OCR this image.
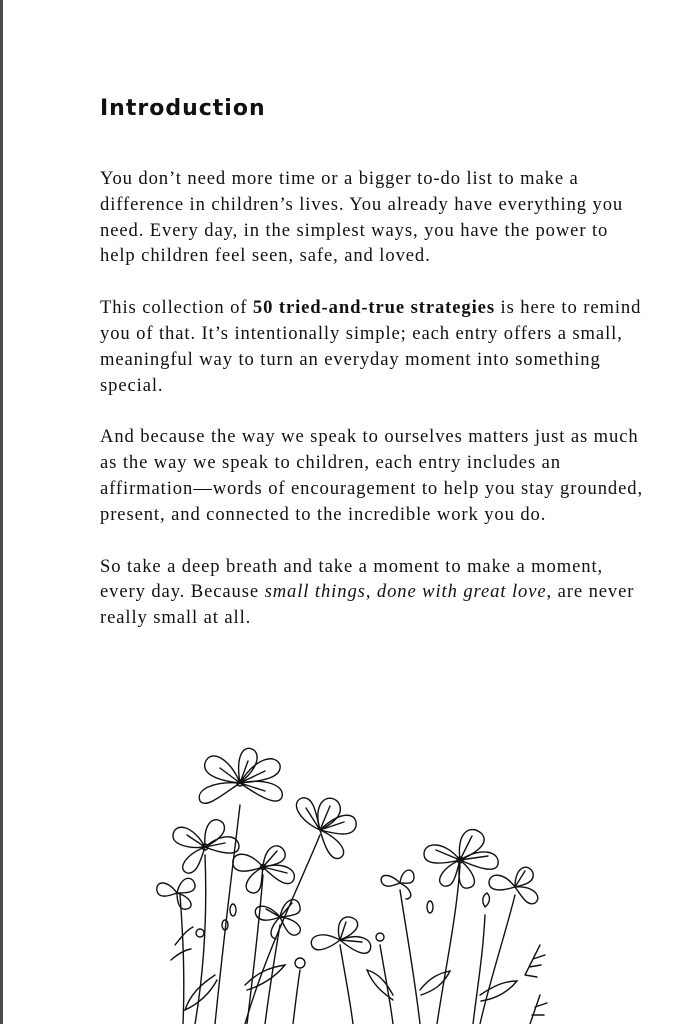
Introduction

You don’t need more time or a bigger to-do list to make a difference in children’s lives. You already have everything you need. Every day, in the simplest ways, you have the power to help children feel seen, safe, and loved.

This collection of 50 tried-and-true strategies is here to remind you of that. It’s intentionally simple; each entry offers a small, meaningful way to turn an everyday moment into something special.

And because the way we speak to ourselves matters just as much as the way we speak to children, each entry includes an affirmation—words of encouragement to help you stay grounded, present, and connected to the incredible work you do.

So take a deep breath and take a moment to make a moment, every day. Because small things, done with great love, are never really small at all.
